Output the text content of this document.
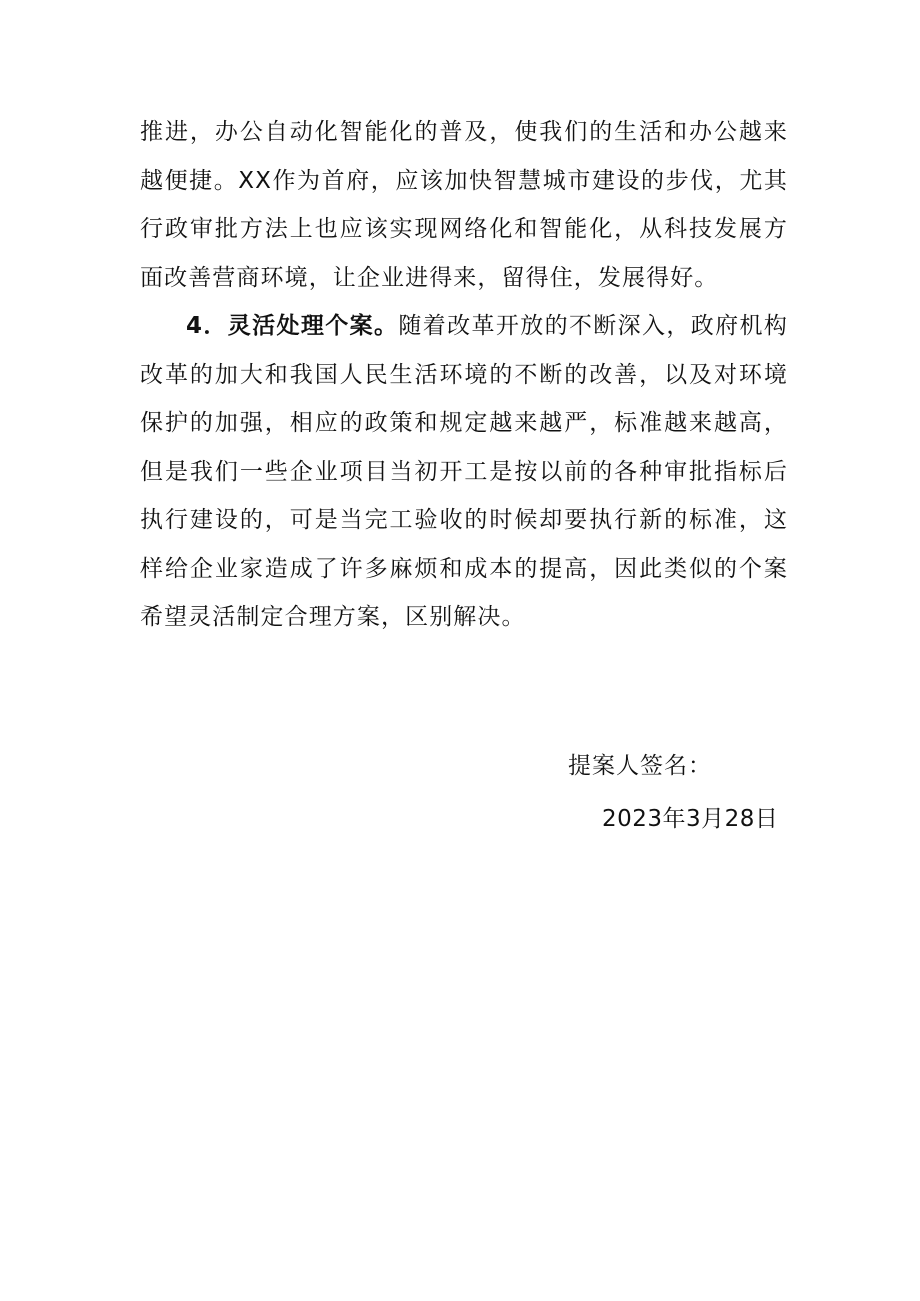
推进，办公自动化智能化的普及，使我们的生活和办公越来越便捷。XX作为首府，应该加快智慧城市建设的步伐，尤其行政审批方法上也应该实现网络化和智能化，从科技发展方面改善营商环境，让企业进得来，留得住，发展得好。

4．灵活处理个案。随着改革开放的不断深入，政府机构改革的加大和我国人民生活环境的不断的改善，以及对环境保护的加强，相应的政策和规定越来越严，标准越来越高，但是我们一些企业项目当初开工是按以前的各种审批指标后执行建设的，可是当完工验收的时候却要执行新的标准，这样给企业家造成了许多麻烦和成本的提高，因此类似的个案希望灵活制定合理方案，区别解决。

提案人签名：
2023年3月28日
